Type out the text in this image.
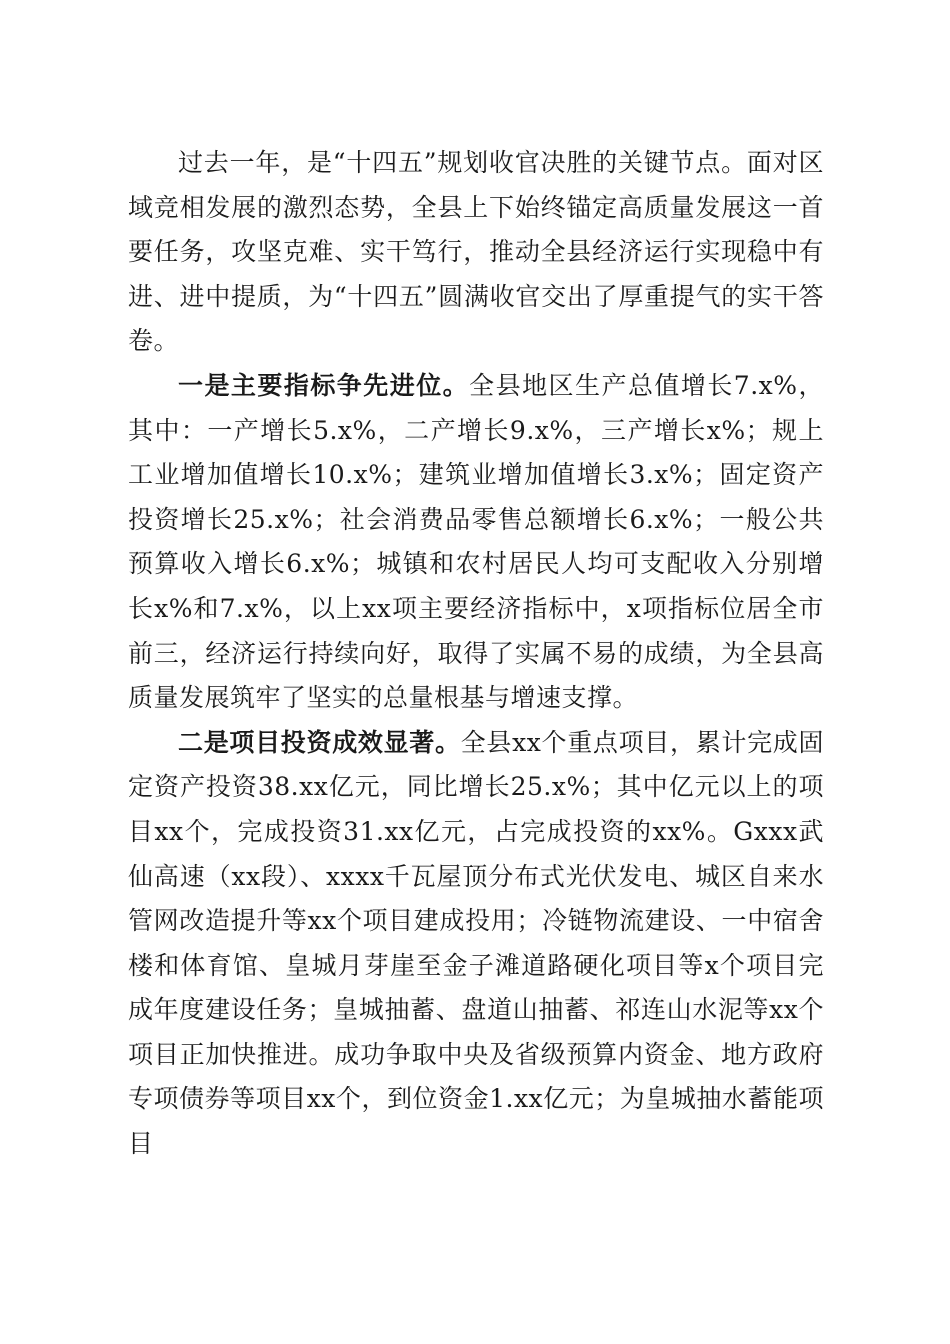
过去一年，是“十四五”规划收官决胜的关键节点。面对区域竞相发展的激烈态势，全县上下始终锚定高质量发展这一首要任务，攻坚克难、实干笃行，推动全县经济运行实现稳中有进、进中提质，为“十四五”圆满收官交出了厚重提气的实干答卷。

一是主要指标争先进位。全县地区生产总值增长7.x%，其中：一产增长5.x%，二产增长9.x%，三产增长x%；规上工业增加值增长10.x%；建筑业增加值增长3.x%；固定资产投资增长25.x%；社会消费品零售总额增长6.x%；一般公共预算收入增长6.x%；城镇和农村居民人均可支配收入分别增长x%和7.x%，以上xx项主要经济指标中，x项指标位居全市前三，经济运行持续向好，取得了实属不易的成绩，为全县高质量发展筑牢了坚实的总量根基与增速支撑。

二是项目投资成效显著。全县xx个重点项目，累计完成固定资产投资38.xx亿元，同比增长25.x%；其中亿元以上的项目xx个，完成投资31.xx亿元，占完成投资的xx%。Gxxx武仙高速（xx段）、xxxx千瓦屋顶分布式光伏发电、城区自来水管网改造提升等xx个项目建成投用；冷链物流建设、一中宿舍楼和体育馆、皇城月芽崖至金子滩道路硬化项目等x个项目完成年度建设任务；皇城抽蓄、盘道山抽蓄、祁连山水泥等xx个项目正加快推进。成功争取中央及省级预算内资金、地方政府专项债券等项目xx个，到位资金1.xx亿元；为皇城抽水蓄能项目
